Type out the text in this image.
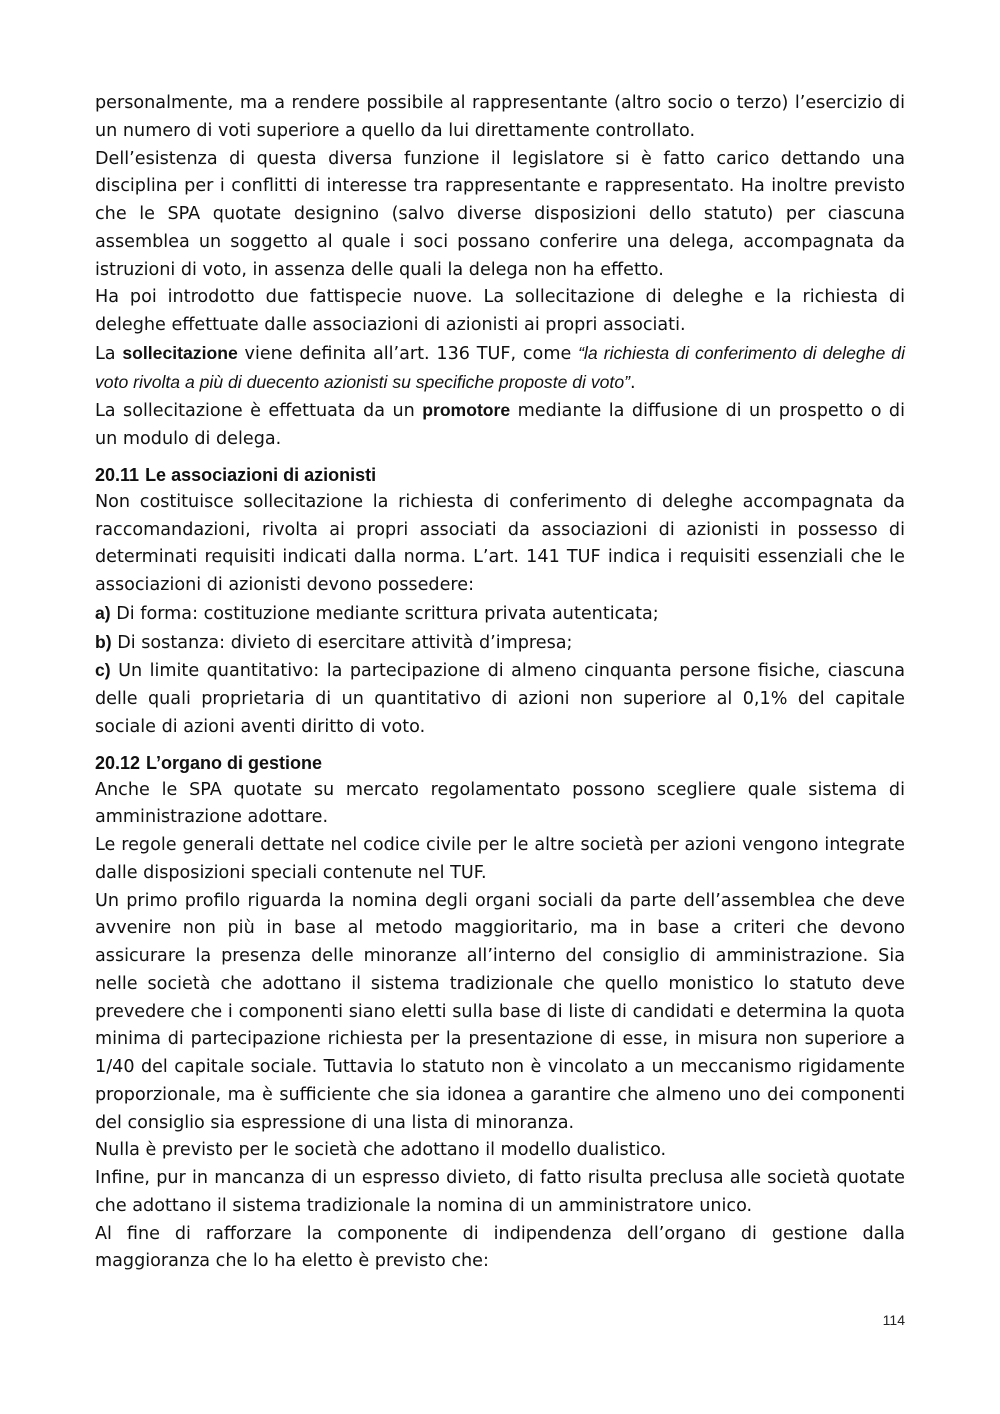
personalmente, ma a rendere possibile al rappresentante (altro socio o terzo) l’esercizio di un numero di voti superiore a quello da lui direttamente controllato.

Dell’esistenza di questa diversa funzione il legislatore si è fatto carico dettando una disciplina per i conflitti di interesse tra rappresentante e rappresentato. Ha inoltre previsto che le SPA quotate designino (salvo diverse disposizioni dello statuto) per ciascuna assemblea un soggetto al quale i soci possano conferire una delega, accompagnata da istruzioni di voto, in assenza delle quali la delega non ha effetto.

Ha poi introdotto due fattispecie nuove. La sollecitazione di deleghe e la richiesta di deleghe effettuate dalle associazioni di azionisti ai propri associati.

La sollecitazione viene definita all’art. 136 TUF, come “la richiesta di conferimento di deleghe di voto rivolta a più di duecento azionisti su specifiche proposte di voto”.

La sollecitazione è effettuata da un promotore mediante la diffusione di un prospetto o di un modulo di delega.

20.11 Le associazioni di azionisti

Non costituisce sollecitazione la richiesta di conferimento di deleghe accompagnata da raccomandazioni, rivolta ai propri associati da associazioni di azionisti in possesso di determinati requisiti indicati dalla norma. L’art. 141 TUF indica i requisiti essenziali che le associazioni di azionisti devono possedere:

a) Di forma: costituzione mediante scrittura privata autenticata;

b) Di sostanza: divieto di esercitare attività d’impresa;

c) Un limite quantitativo: la partecipazione di almeno cinquanta persone fisiche, ciascuna delle quali proprietaria di un quantitativo di azioni non superiore al 0,1% del capitale sociale di azioni aventi diritto di voto.

20.12 L’organo di gestione

Anche le SPA quotate su mercato regolamentato possono scegliere quale sistema di amministrazione adottare.

Le regole generali dettate nel codice civile per le altre società per azioni vengono integrate dalle disposizioni speciali contenute nel TUF.

Un primo profilo riguarda la nomina degli organi sociali da parte dell’assemblea che deve avvenire non più in base al metodo maggioritario, ma in base a criteri che devono assicurare la presenza delle minoranze all’interno del consiglio di amministrazione. Sia nelle società che adottano il sistema tradizionale che quello monistico lo statuto deve prevedere che i componenti siano eletti sulla base di liste di candidati e determina la quota minima di partecipazione richiesta per la presentazione di esse, in misura non superiore a 1/40 del capitale sociale. Tuttavia lo statuto non è vincolato a un meccanismo rigidamente proporzionale, ma è sufficiente che sia idonea a garantire che almeno uno dei componenti del consiglio sia espressione di una lista di minoranza.

Nulla è previsto per le società che adottano il modello dualistico.

Infine, pur in mancanza di un espresso divieto, di fatto risulta preclusa alle società quotate che adottano il sistema tradizionale la nomina di un amministratore unico.

Al fine di rafforzare la componente di indipendenza dell’organo di gestione dalla maggioranza che lo ha eletto è previsto che:

114
